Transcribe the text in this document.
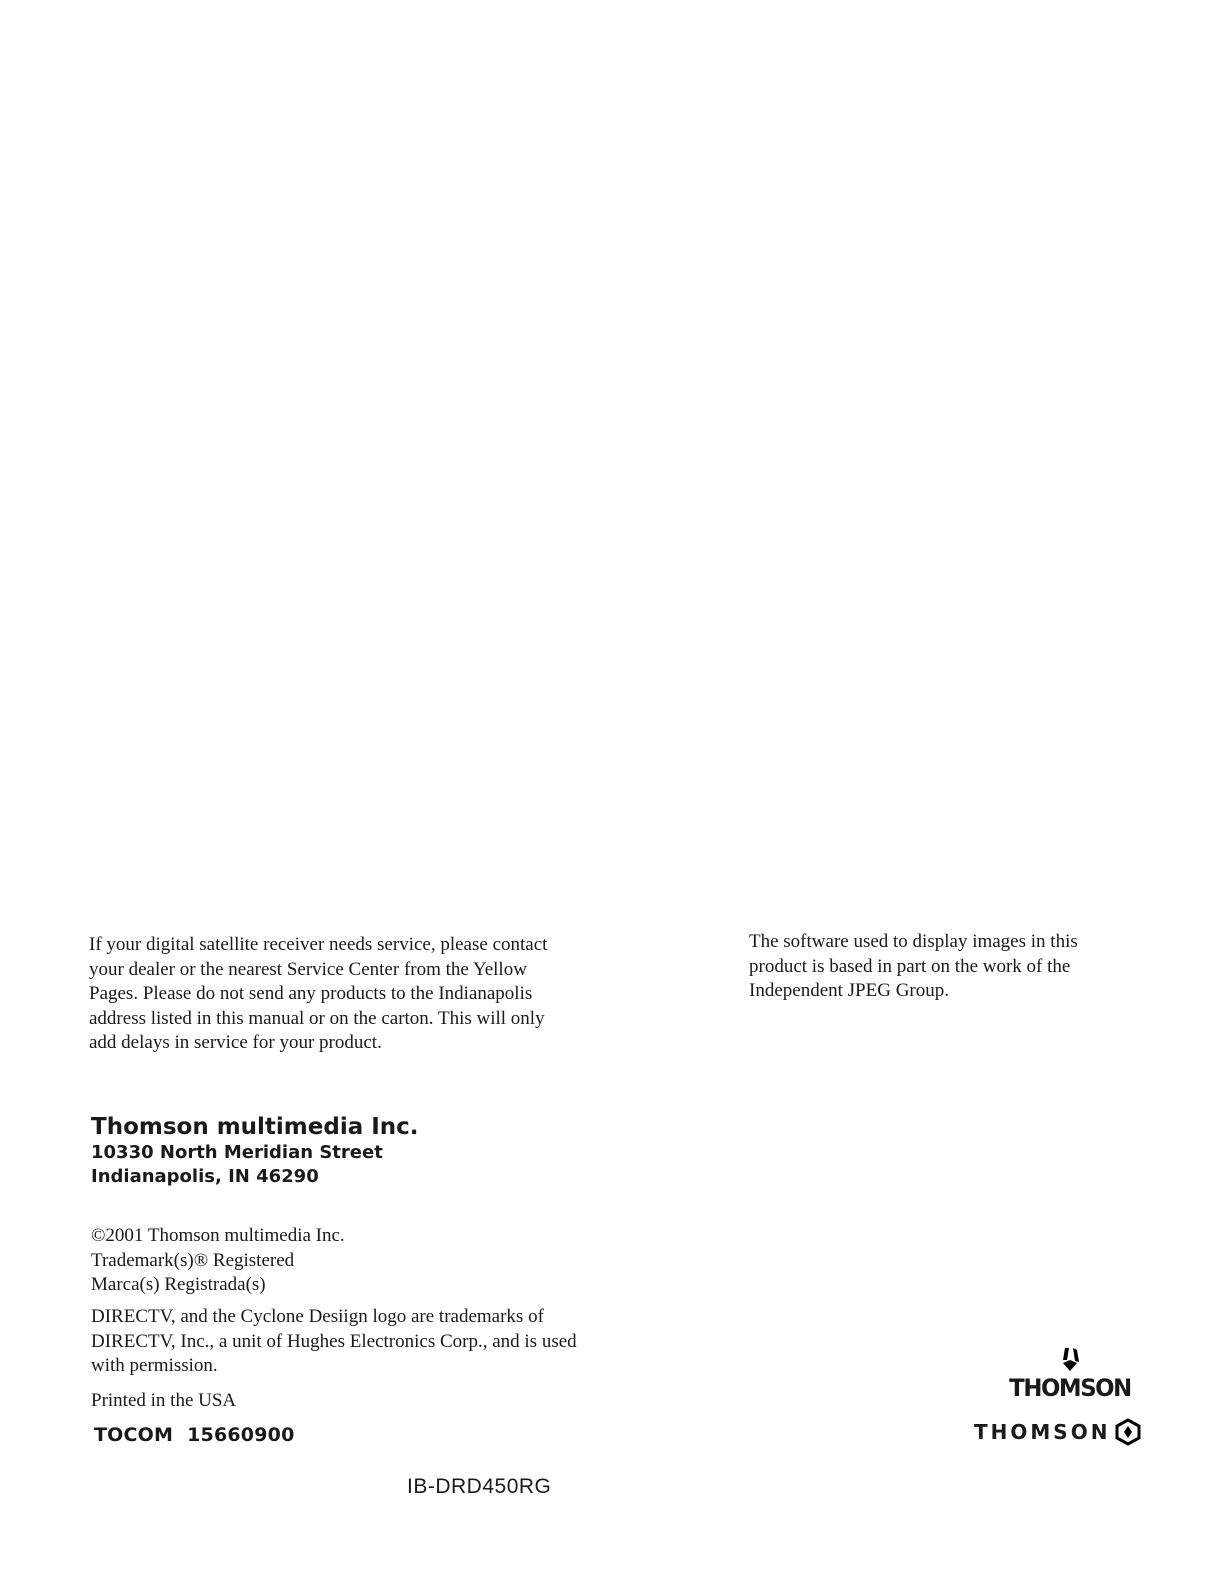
If your digital satellite receiver needs service, please contact
your dealer or the nearest Service Center from the Yellow
Pages. Please do not send any products to the Indianapolis
address listed in this manual or on the carton. This will only
add delays in service for your product.
The software used to display images in this
product is based in part on the work of the
Independent JPEG Group.
Thomson multimedia Inc.
10330 North Meridian Street
Indianapolis, IN 46290
©2001 Thomson multimedia Inc.
Trademark(s)® Registered
Marca(s) Registrada(s)
DIRECTV, and the Cyclone Desiign logo are trademarks of
DIRECTV, Inc., a unit of Hughes Electronics Corp., and is used
with permission.
Printed in the USA
TOCOM 15660900
IB-DRD450RG
THOMSON
THOMSON
